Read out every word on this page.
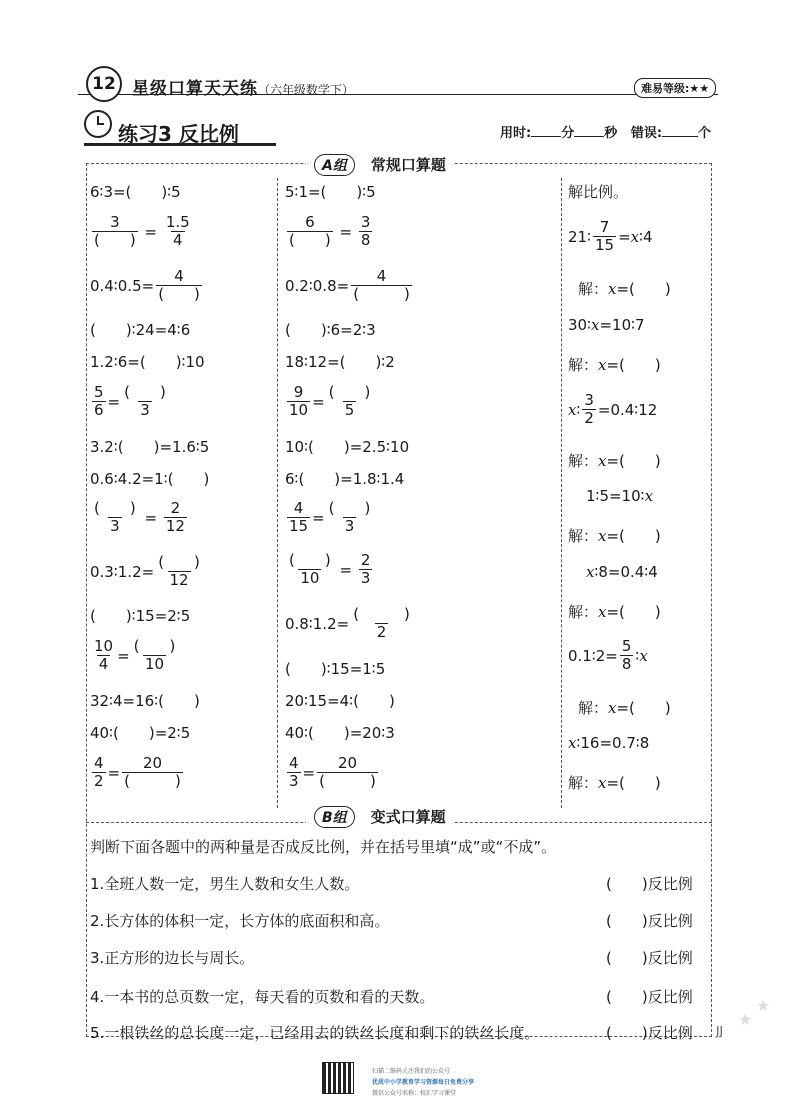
12 星级口算天天练（六年级数学下）	难易等级:★★
练习3 反比例	用时: 分 秒 错误:	个
A组 常规口算题
6∶3=(　　)∶5
$\frac{3}{( )} = \frac{1.5}{4}$
0.4∶0.5= $\frac{4}{( )}$
(　　)∶24=4∶6
1.2∶6=(　　)∶10
$\frac{5}{6} = \frac{( )}{3}$
3.2∶(　　)=1.6∶5
0.6∶4.2=1∶(　　)
$\frac{( )}{3} = \frac{2}{12}$
0.3∶1.2= $\frac{( )}{12}$
(　　)∶15=2∶5
$\frac{10}{4} = \frac{( )}{10}$
32∶4=16∶(　　)
40∶(　　)=2∶5
$\frac{4}{2} = \frac{20}{( )}$
5∶1=(　　)∶5
$\frac{6}{( )} = \frac{3}{8}$
0.2∶0.8= $\frac{4}{( )}$
(　　)∶6=2∶3
18∶12=(　　)∶2
$\frac{9}{10} = \frac{( )}{5}$
10∶(　　)=2.5∶10
6∶(　　)=1.8∶1.4
$\frac{4}{15} = \frac{( )}{3}$
$\frac{( )}{10} = \frac{2}{3}$
0.8∶1.2= $\frac{( )}{2}$
(　　)∶15=1∶5
20∶15=4∶(　　)
40∶(　　)=20∶3
$\frac{4}{3} = \frac{20}{( )}$
解比例。
21∶ $\frac{7}{15} = x$ ∶4
解： x =(　　)
30∶ x =10∶7
解： x =(　　)
x ∶ $\frac{3}{2}$ =0.4∶12
解： x =(　　)
1∶5=10∶ x
解： x =(　　)
x ∶8=0.4∶4
解： x =(　　)
0.1∶2= $\frac{5}{8}$ ∶ x
解： x =(　　)
x ∶16=0.7∶8
解： x =(　　)
B组 变式口算题
判断下面各题中的两种量是否成反比例，并在括号里填“成”或“不成”。
1.全班人数一定，男生人数和女生人数。	(　　)反比例
2.长方体的体积一定，长方体的底面积和高。	(　　)反比例
3.正方形的边长与周长。	(　　)反比例
4.一本书的总页数一定，每天看的页数和看的天数。	(　　)反比例
5.一根铁丝的总长度一定，已经用去的铁丝长度和剩下的铁丝长度。	(　　)反比例 JJ
★
★
扫描二维码关注我们的公众号
优质中小学教育学习资源每日免费分享
微信公众号名称：校汇学习课堂
